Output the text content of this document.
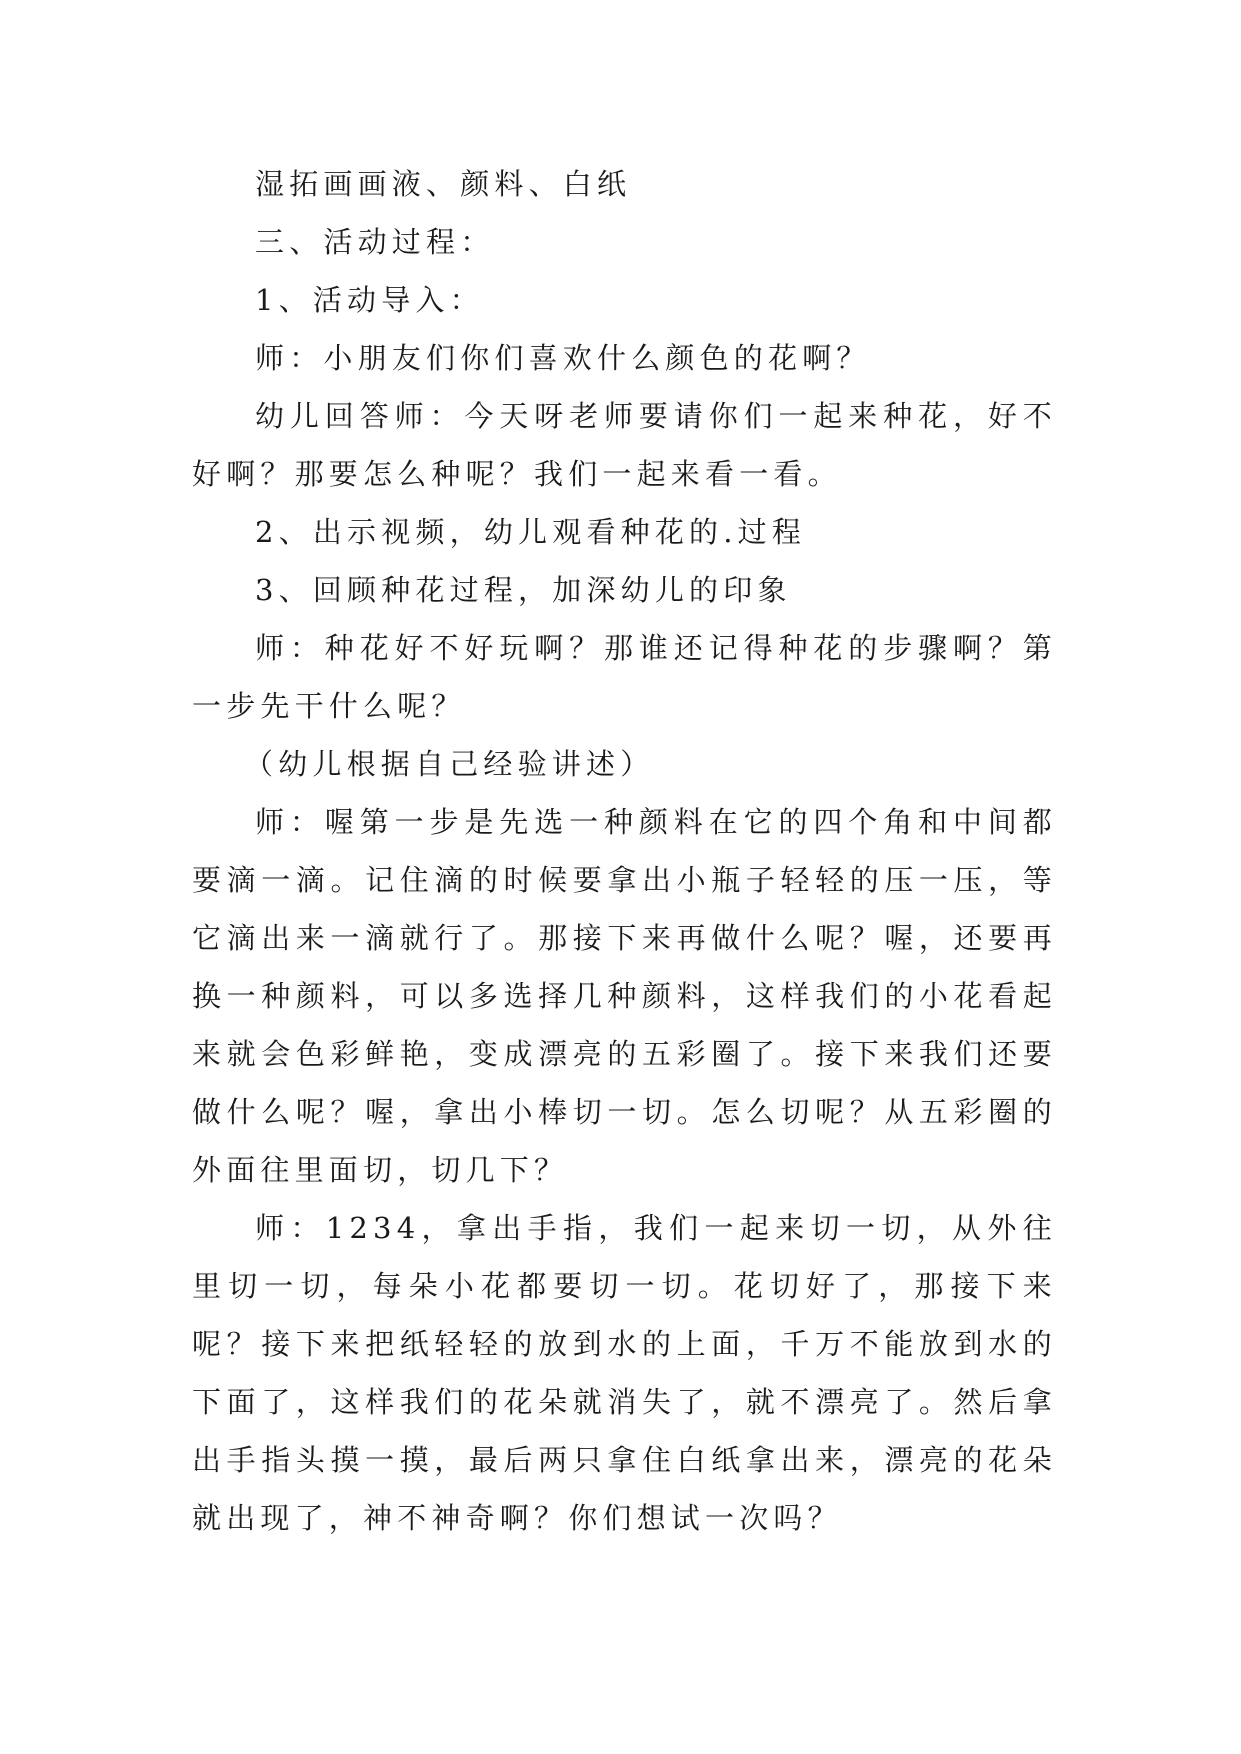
湿拓画画液、颜料、白纸

三、活动过程：

1、活动导入：

师：小朋友们你们喜欢什么颜色的花啊？

幼儿回答师：今天呀老师要请你们一起来种花，好不好啊？那要怎么种呢？我们一起来看一看。

2、出示视频，幼儿观看种花的.过程

3、回顾种花过程，加深幼儿的印象

师：种花好不好玩啊？那谁还记得种花的步骤啊？第一步先干什么呢？

（幼儿根据自己经验讲述）

师：喔第一步是先选一种颜料在它的四个角和中间都要滴一滴。记住滴的时候要拿出小瓶子轻轻的压一压，等它滴出来一滴就行了。那接下来再做什么呢？喔，还要再换一种颜料，可以多选择几种颜料，这样我们的小花看起来就会色彩鲜艳，变成漂亮的五彩圈了。接下来我们还要做什么呢？喔，拿出小棒切一切。怎么切呢？从五彩圈的外面往里面切，切几下？

师：1234，拿出手指，我们一起来切一切，从外往里切一切，每朵小花都要切一切。花切好了，那接下来呢？接下来把纸轻轻的放到水的上面，千万不能放到水的下面了，这样我们的花朵就消失了，就不漂亮了。然后拿出手指头摸一摸，最后两只拿住白纸拿出来，漂亮的花朵就出现了，神不神奇啊？你们想试一次吗？
